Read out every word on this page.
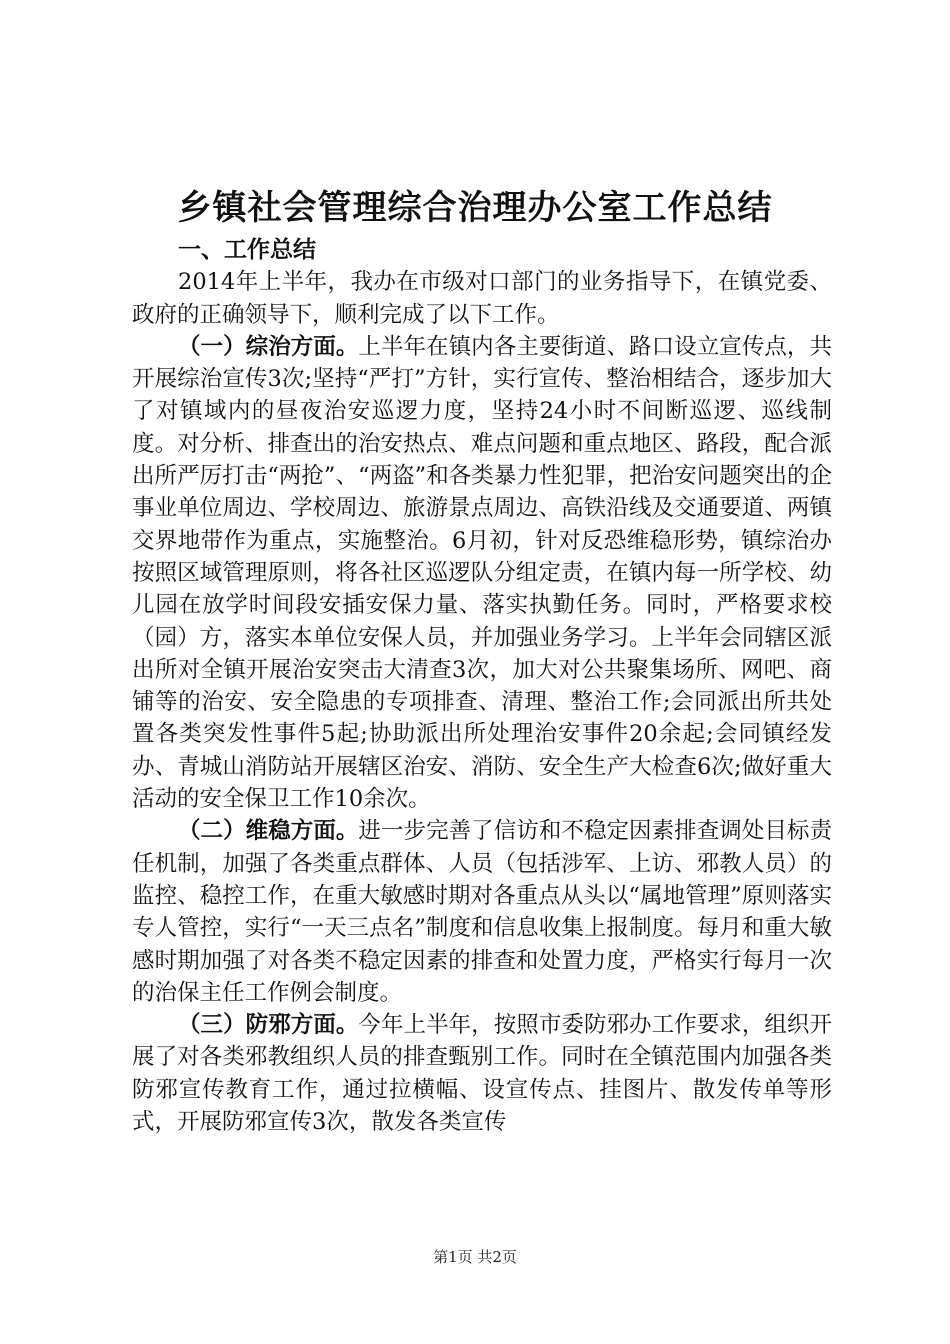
乡镇社会管理综合治理办公室工作总结

一、工作总结

2014年上半年，我办在市级对口部门的业务指导下，在镇党委、政府的正确领导下，顺利完成了以下工作。

（一）综治方面。上半年在镇内各主要街道、路口设立宣传点，共开展综治宣传3次;坚持“严打”方针，实行宣传、整治相结合，逐步加大了对镇域内的昼夜治安巡逻力度，坚持24小时不间断巡逻、巡线制度。对分析、排查出的治安热点、难点问题和重点地区、路段，配合派出所严厉打击“两抢”、“两盗”和各类暴力性犯罪，把治安问题突出的企事业单位周边、学校周边、旅游景点周边、高铁沿线及交通要道、两镇交界地带作为重点，实施整治。6月初，针对反恐维稳形势，镇综治办按照区域管理原则，将各社区巡逻队分组定责，在镇内每一所学校、幼儿园在放学时间段安插安保力量、落实执勤任务。同时，严格要求校（园）方，落实本单位安保人员，并加强业务学习。上半年会同辖区派出所对全镇开展治安突击大清查3次，加大对公共聚集场所、网吧、商铺等的治安、安全隐患的专项排查、清理、整治工作;会同派出所共处置各类突发性事件5起;协助派出所处理治安事件20余起;会同镇经发办、青城山消防站开展辖区治安、消防、安全生产大检查6次;做好重大活动的安全保卫工作10余次。

（二）维稳方面。进一步完善了信访和不稳定因素排查调处目标责任机制，加强了各类重点群体、人员（包括涉军、上访、邪教人员）的监控、稳控工作，在重大敏感时期对各重点从头以“属地管理”原则落实专人管控，实行“一天三点名”制度和信息收集上报制度。每月和重大敏感时期加强了对各类不稳定因素的排查和处置力度，严格实行每月一次的治保主任工作例会制度。

（三）防邪方面。今年上半年，按照市委防邪办工作要求，组织开展了对各类邪教组织人员的排查甄别工作。同时在全镇范围内加强各类防邪宣传教育工作，通过拉横幅、设宣传点、挂图片、散发传单等形式，开展防邪宣传3次，散发各类宣传

第1页 共2页
